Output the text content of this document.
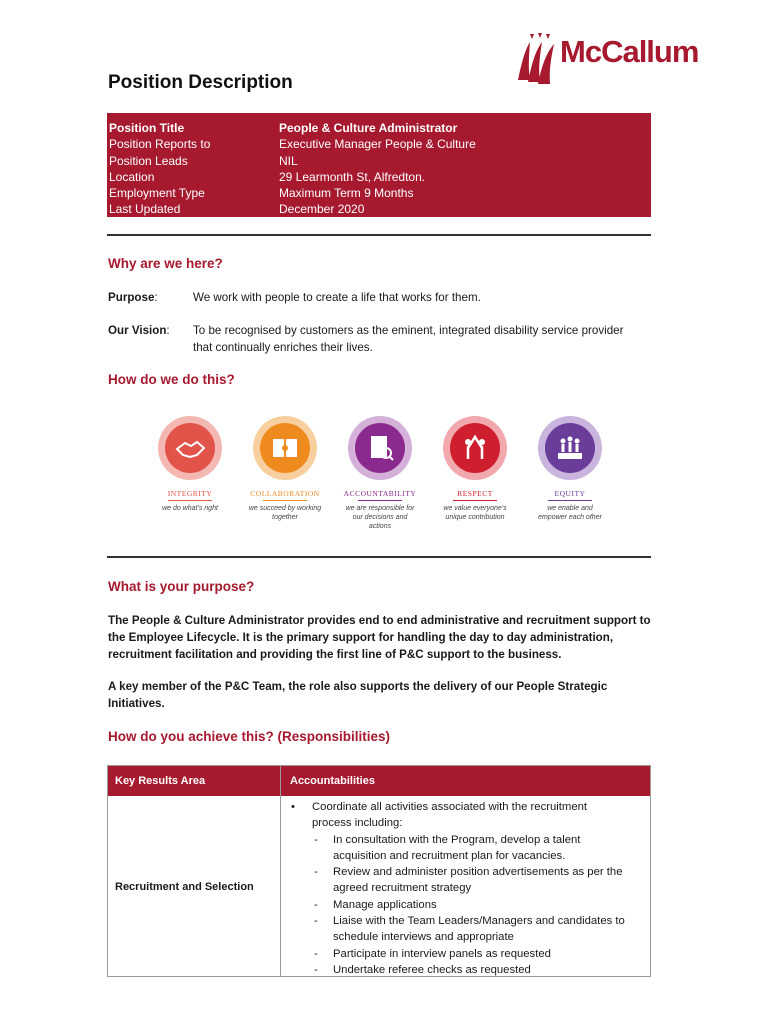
McCallum
Position Description
Position Title
Position Reports to
Position Leads
Location
Employment Type
Last Updated
People & Culture Administrator
Executive Manager People & Culture
NIL
29 Learmonth St, Alfredton.
Maximum Term 9 Months
December 2020
Why are we here?
Purpose:	We work with people to create a life that works for them.
Our Vision: To be recognised by customers as the eminent, integrated disability service provider
that continually enriches their lives.
How do we do this?
INTEGRITY
we do what's right
COLLABORATION
we succeed by working
together
ACCOUNTABILITY
we are responsible for
our decisions and
actions
RESPECT
we value everyone's
unique contribution
EQUITY
we enable and
empower each other
What is your purpose?
The People & Culture Administrator provides end to end administrative and recruitment support to
the Employee Lifecycle. It is the primary support for handling the day to day administration,
recruitment facilitation and providing the first line of P&C support to the business.
A key member of the P&C Team, the role also supports the delivery of our People Strategic
Initiatives.
How do you achieve this? (Responsibilities)
Key Results Area	Accountabilities
Recruitment and Selection
• Coordinate all activities associated with the recruitment
process including:
- In consultation with the Program, develop a talent
acquisition and recruitment plan for vacancies.
- Review and administer position advertisements as per the
agreed recruitment strategy
- Manage applications
- Liaise with the Team Leaders/Managers and candidates to
schedule interviews and appropriate
- Participate in interview panels as requested
- Undertake referee checks as requested
